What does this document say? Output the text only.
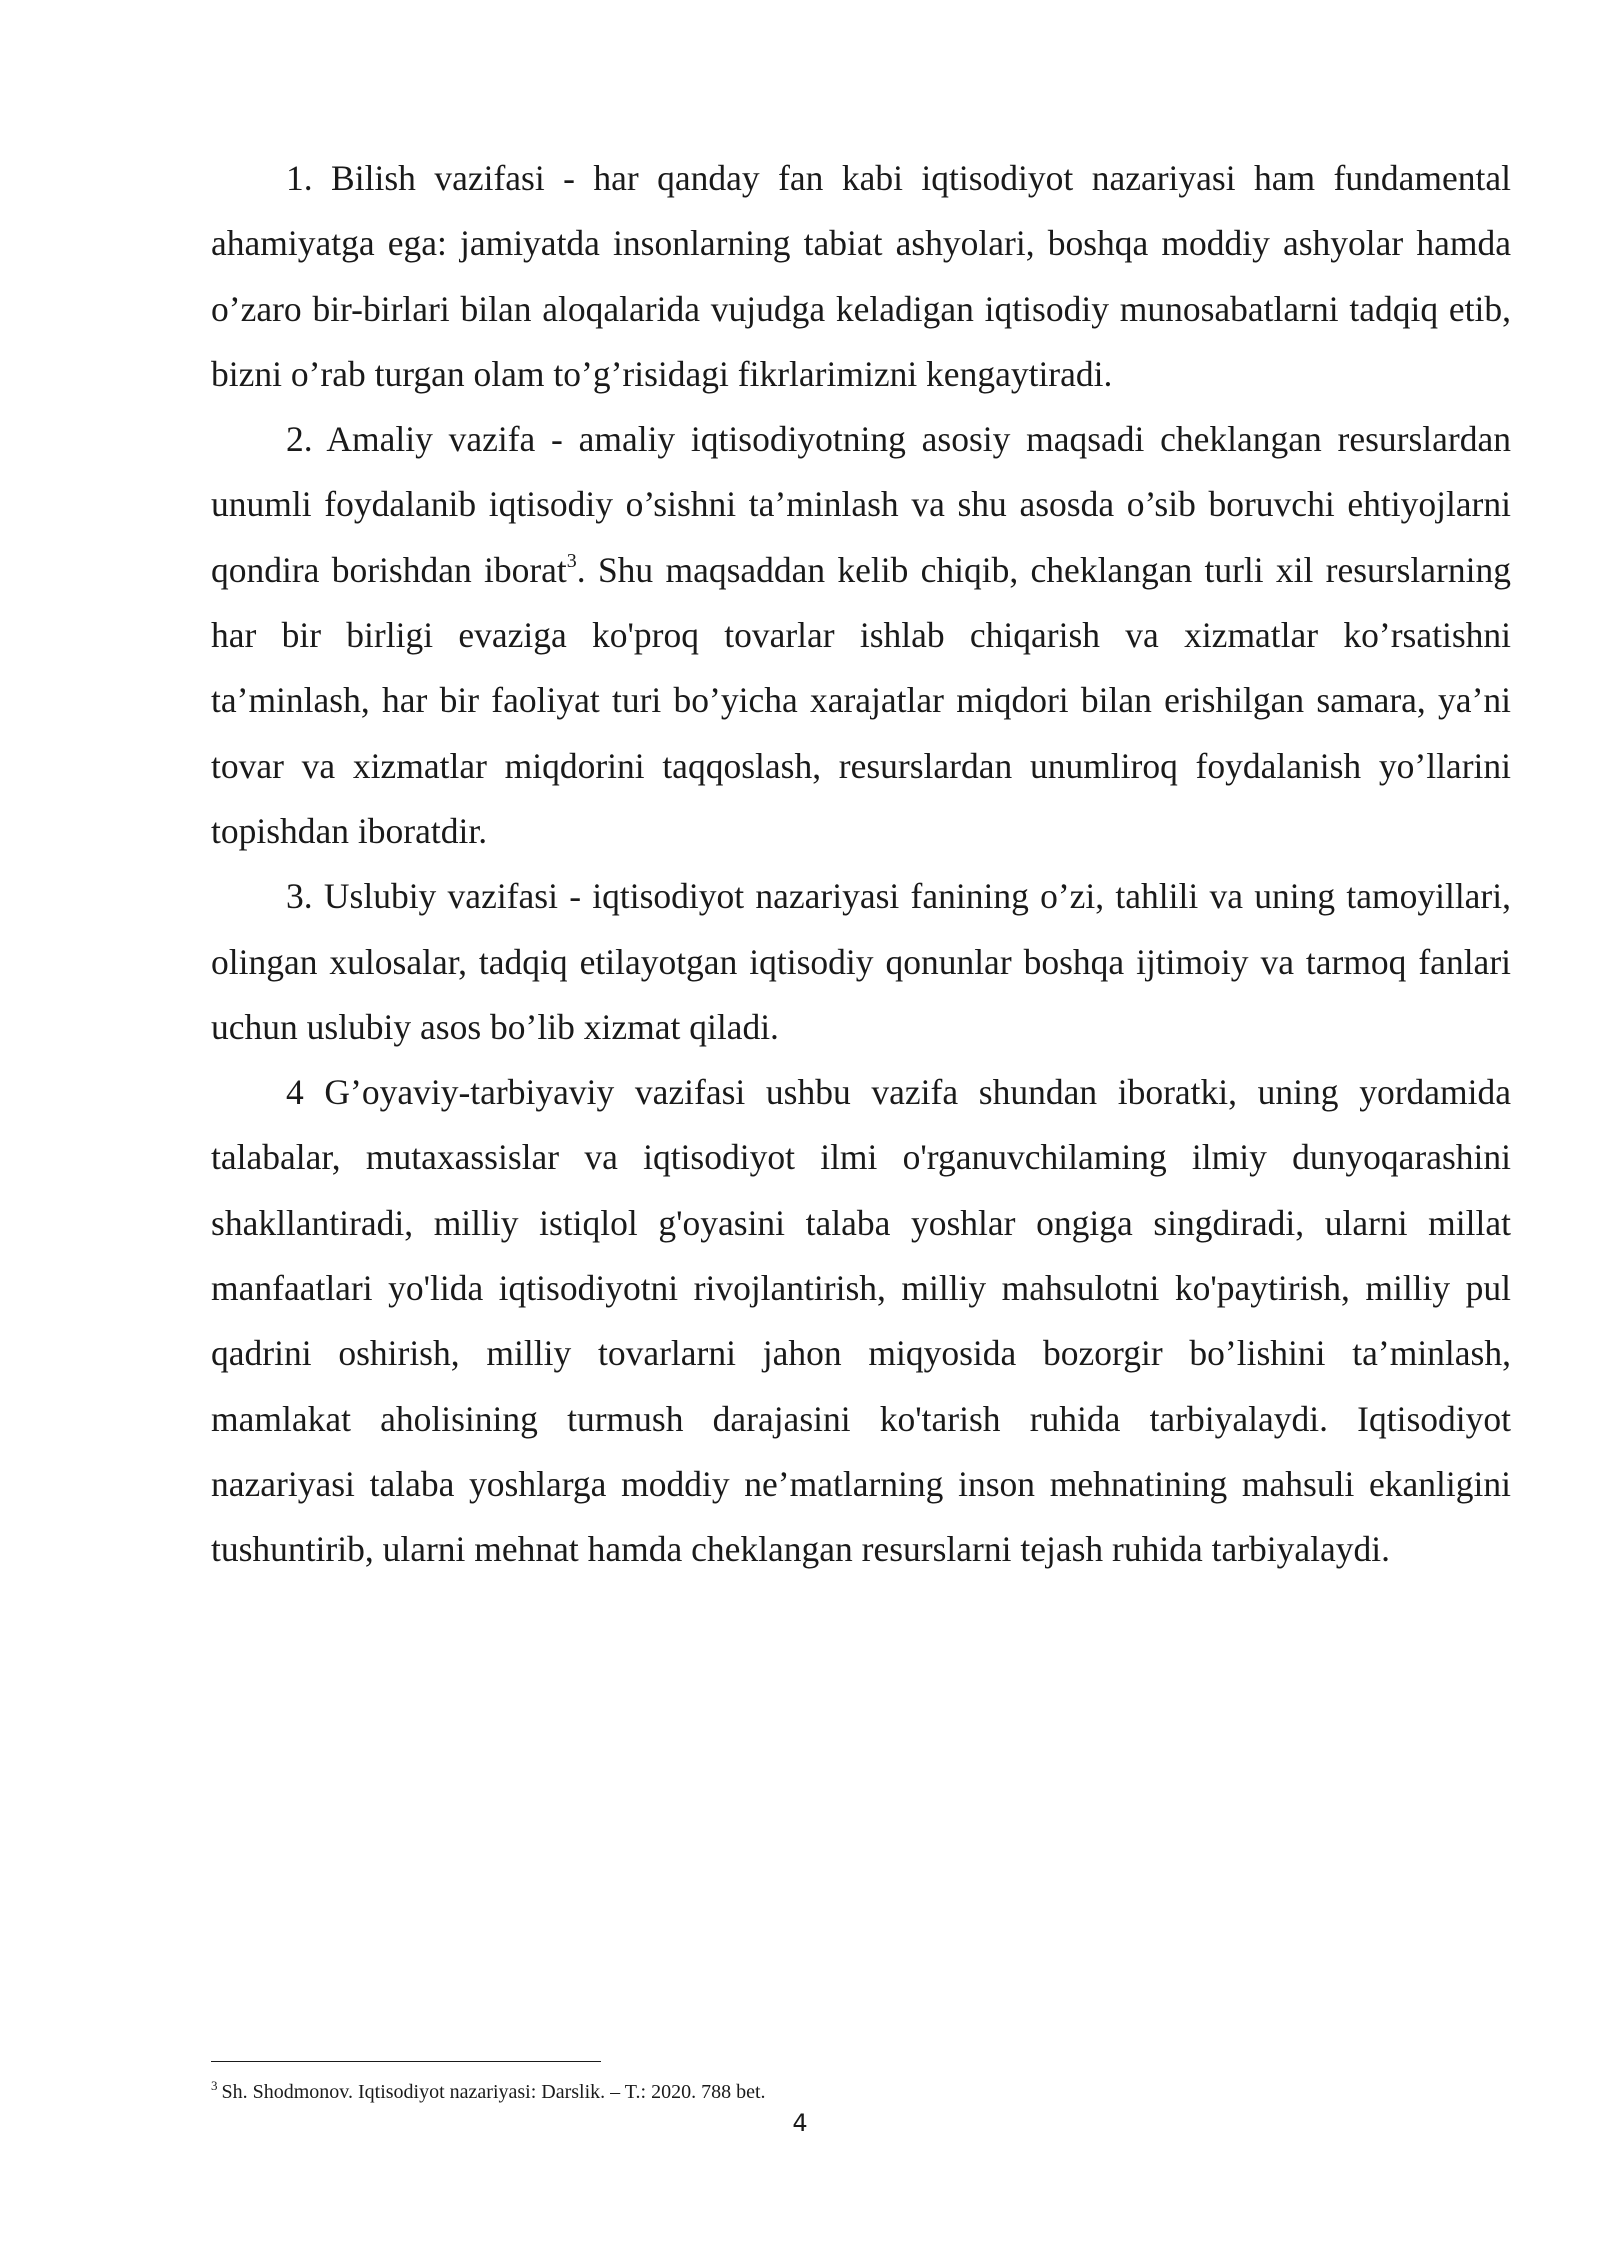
1. Bilish vazifasi - har qanday fan kabi iqtisodiyot nazariyasi ham fundamental ahamiyatga ega: jamiyatda insonlarning tabiat ashyolari, boshqa moddiy ashyolar hamda o’zaro bir-birlari bilan aloqalarida vujudga keladigan iqtisodiy munosabatlarni tadqiq etib, bizni o’rab turgan olam to’g’risidagi fikrlarimizni kengaytiradi.

2. Amaliy vazifa - amaliy iqtisodiyotning asosiy maqsadi cheklangan resurslardan unumli foydalanib iqtisodiy o’sishni ta’minlash va shu asosda o’sib boruvchi ehtiyojlarni qondira borishdan iborat$^3$. Shu maqsaddan kelib chiqib, cheklangan turli xil resurslarning har bir birligi evaziga ko'proq tovarlar ishlab chiqarish va xizmatlar ko’rsatishni ta’minlash, har bir faoliyat turi bo’yicha xarajatlar miqdori bilan erishilgan samara, ya’ni tovar va xizmatlar miqdorini taqqoslash, resurslardan unumliroq foydalanish yo’llarini topishdan iboratdir.

3. Uslubiy vazifasi - iqtisodiyot nazariyasi fanining o’zi, tahlili va uning tamoyillari, olingan xulosalar, tadqiq etilayotgan iqtisodiy qonunlar boshqa ijtimoiy va tarmoq fanlari uchun uslubiy asos bo’lib xizmat qiladi.

4 G’oyaviy-tarbiyaviy vazifasi ushbu vazifa shundan iboratki, uning yordamida talabalar, mutaxassislar va iqtisodiyot ilmi o'rganuvchilaming ilmiy dunyoqarashini shakllantiradi, milliy istiqlol g'oyasini talaba yoshlar ongiga singdiradi, ularni millat manfaatlari yo'lida iqtisodiyotni rivojlantirish, milliy mahsulotni ko'paytirish, milliy pul qadrini oshirish, milliy tovarlarni jahon miqyosida bozorgir bo’lishini ta’minlash, mamlakat aholisining turmush darajasini ko'tarish ruhida tarbiyalaydi. Iqtisodiyot nazariyasi talaba yoshlarga moddiy ne’matlarning inson mehnatining mahsuli ekanligini tushuntirib, ularni mehnat hamda cheklangan resurslarni tejash ruhida tarbiyalaydi.

$^3$ Sh. Shodmonov. Iqtisodiyot nazariyasi: Darslik. – T.: 2020. 788 bet.
4
